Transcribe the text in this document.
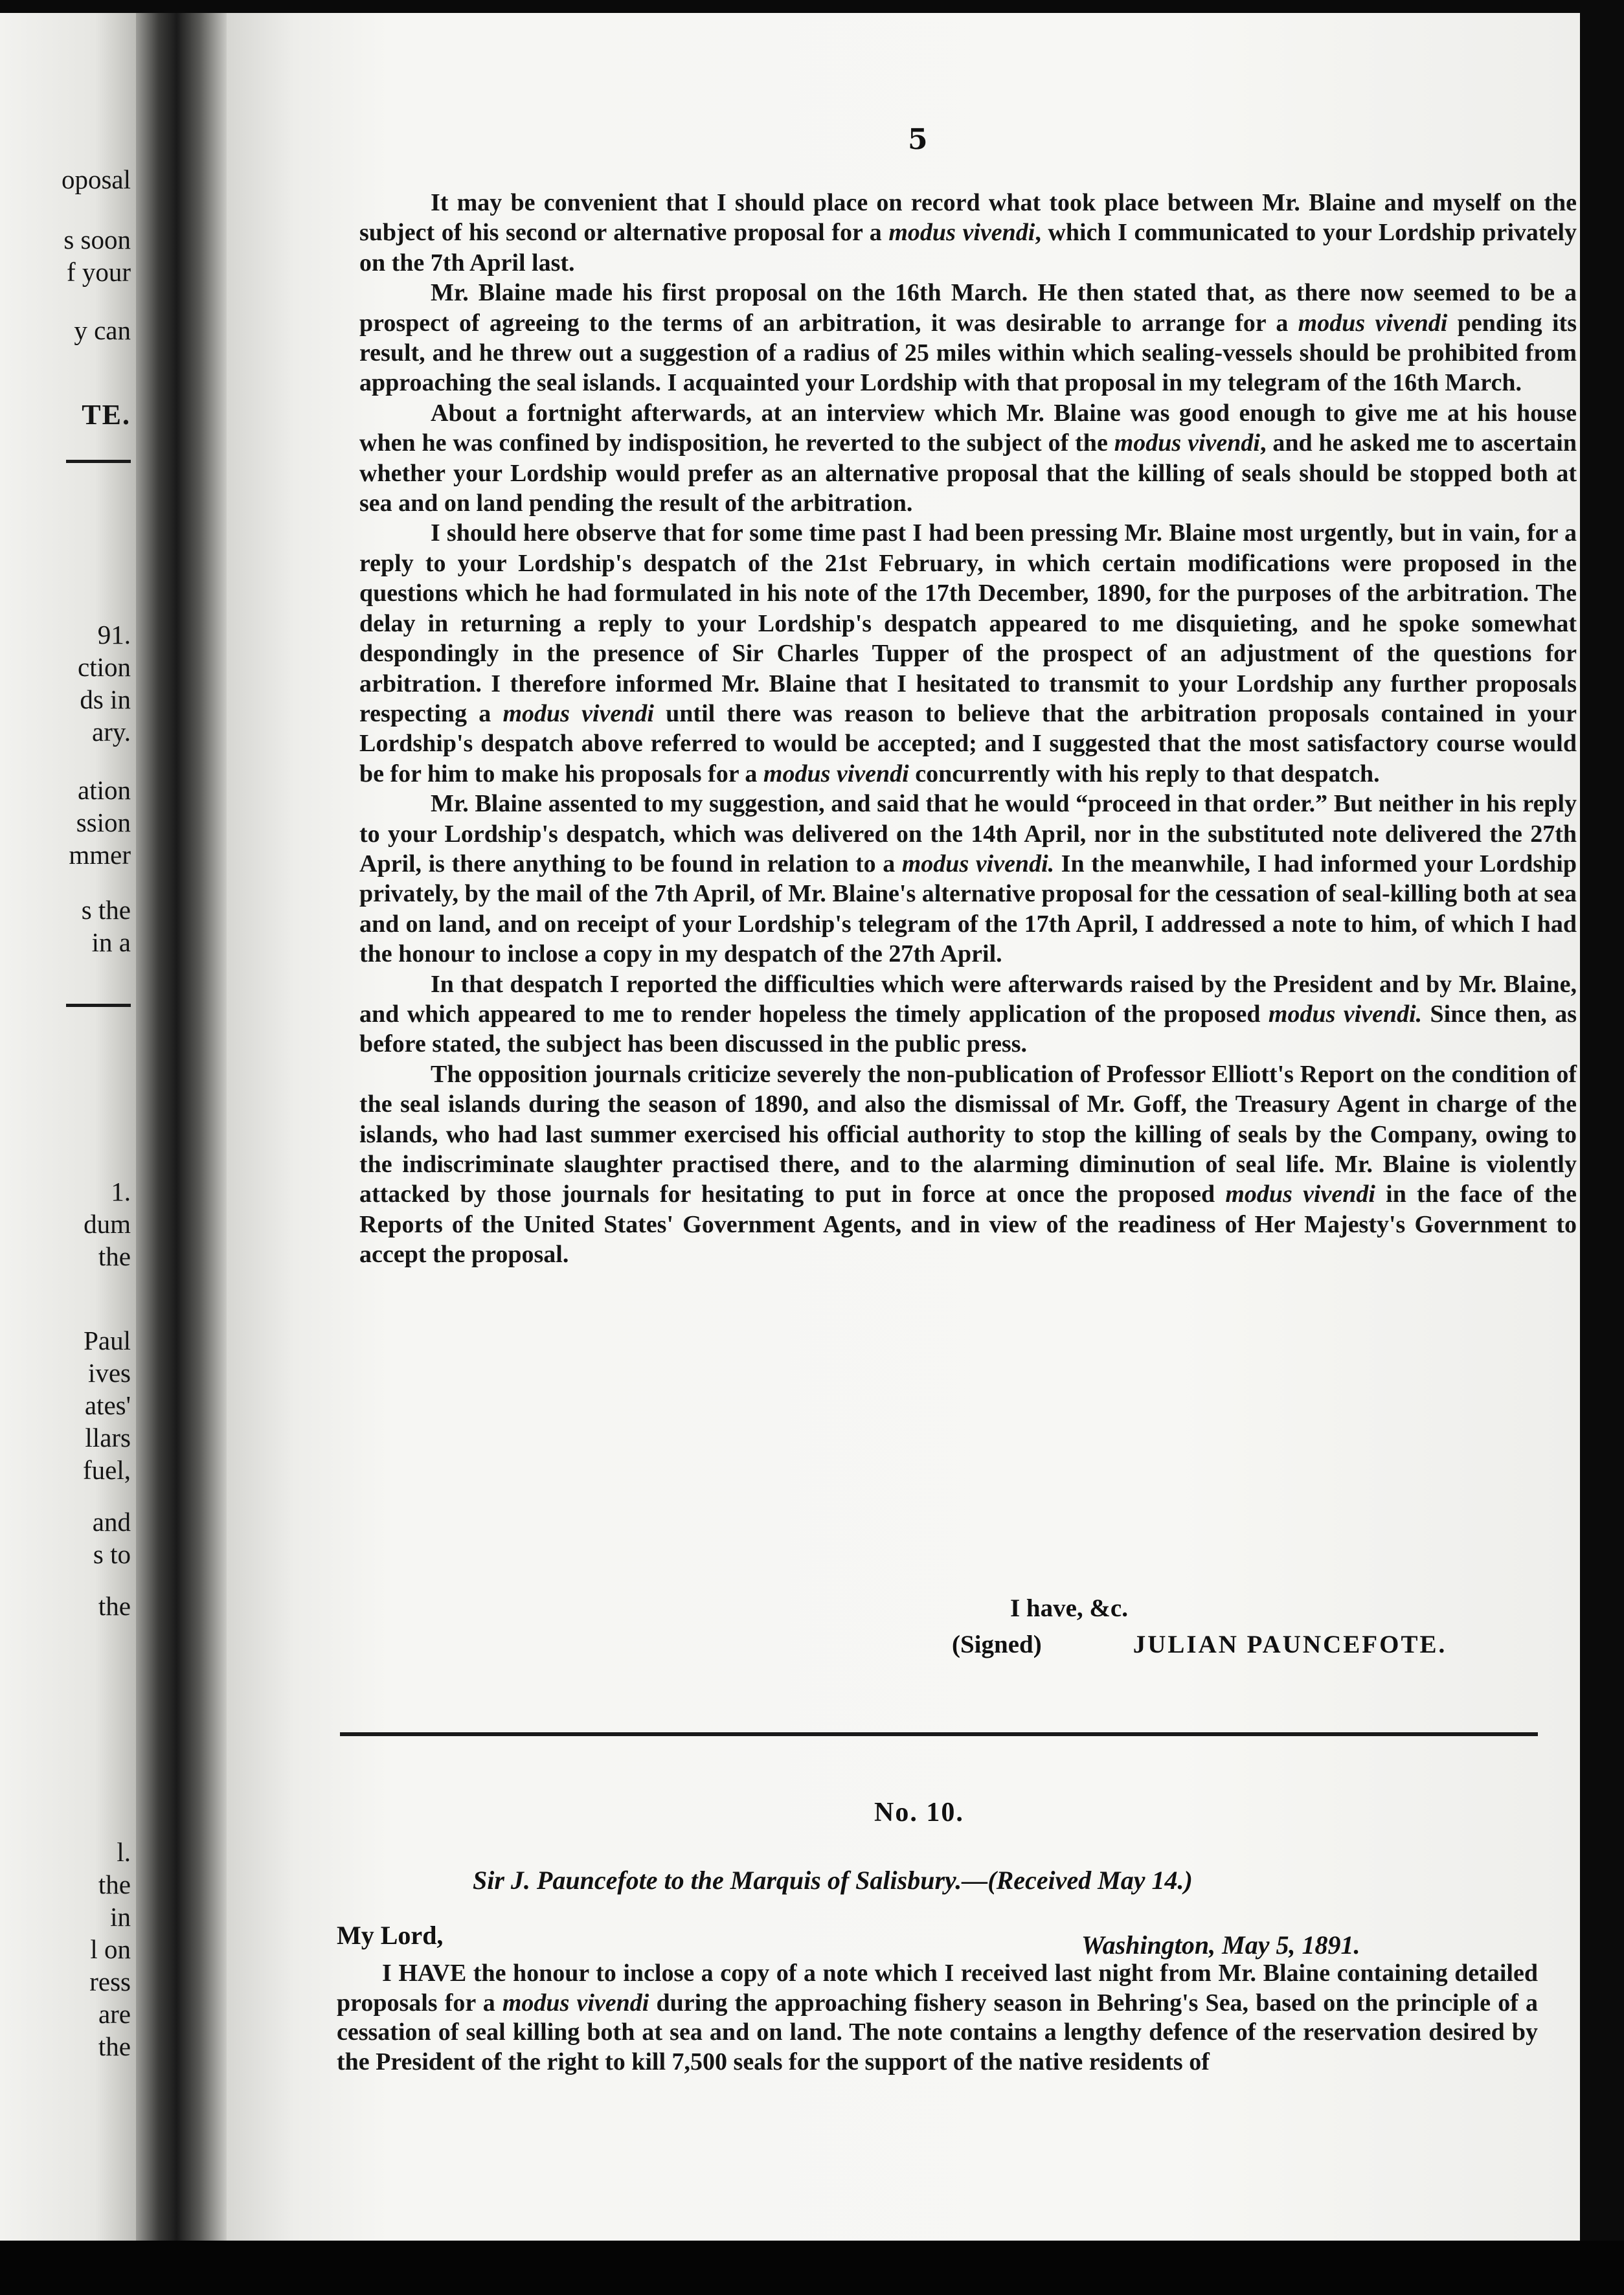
oposal
s soon
f your
y can
TE.
91.
ction
ds in
ary.
ation
ssion
mmer
s the
in a
1.
dum
the
Paul
ives
ates'
llars
fuel,
and
s to
the
l.
the
in
l on
ress
are
the
5

It may be convenient that I should place on record what took place between Mr. Blaine and myself on the subject of his second or alternative proposal for a modus vivendi, which I communicated to your Lordship privately on the 7th April last.

Mr. Blaine made his first proposal on the 16th March. He then stated that, as there now seemed to be a prospect of agreeing to the terms of an arbitration, it was desirable to arrange for a modus vivendi pending its result, and he threw out a suggestion of a radius of 25 miles within which sealing-vessels should be prohibited from approaching the seal islands. I acquainted your Lordship with that proposal in my telegram of the 16th March.

About a fortnight afterwards, at an interview which Mr. Blaine was good enough to give me at his house when he was confined by indisposition, he reverted to the subject of the modus vivendi, and he asked me to ascertain whether your Lordship would prefer as an alternative proposal that the killing of seals should be stopped both at sea and on land pending the result of the arbitration.

I should here observe that for some time past I had been pressing Mr. Blaine most urgently, but in vain, for a reply to your Lordship's despatch of the 21st February, in which certain modifications were proposed in the questions which he had formulated in his note of the 17th December, 1890, for the purposes of the arbitration. The delay in returning a reply to your Lordship's despatch appeared to me disquieting, and he spoke somewhat despondingly in the presence of Sir Charles Tupper of the prospect of an adjustment of the questions for arbitration. I therefore informed Mr. Blaine that I hesitated to transmit to your Lordship any further proposals respecting a modus vivendi until there was reason to believe that the arbitration proposals contained in your Lordship's despatch above referred to would be accepted; and I suggested that the most satisfactory course would be for him to make his proposals for a modus vivendi concurrently with his reply to that despatch.

Mr. Blaine assented to my suggestion, and said that he would “proceed in that order.” But neither in his reply to your Lordship's despatch, which was delivered on the 14th April, nor in the substituted note delivered the 27th April, is there anything to be found in relation to a modus vivendi. In the meanwhile, I had informed your Lordship privately, by the mail of the 7th April, of Mr. Blaine's alternative proposal for the cessation of seal-killing both at sea and on land, and on receipt of your Lordship's telegram of the 17th April, I addressed a note to him, of which I had the honour to inclose a copy in my despatch of the 27th April.

In that despatch I reported the difficulties which were afterwards raised by the President and by Mr. Blaine, and which appeared to me to render hopeless the timely application of the proposed modus vivendi. Since then, as before stated, the subject has been discussed in the public press.

The opposition journals criticize severely the non-publication of Professor Elliott's Report on the condition of the seal islands during the season of 1890, and also the dismissal of Mr. Goff, the Treasury Agent in charge of the islands, who had last summer exercised his official authority to stop the killing of seals by the Company, owing to the indiscriminate slaughter practised there, and to the alarming diminution of seal life. Mr. Blaine is violently attacked by those journals for hesitating to put in force at once the proposed modus vivendi in the face of the Reports of the United States' Government Agents, and in view of the readiness of Her Majesty's Government to accept the proposal.

I have, &c.
(Signed)	JULIAN PAUNCEFOTE.
No. 10.
Sir J. Pauncefote to the Marquis of Salisbury.—(Received May 14.)
My Lord,	Washington, May 5, 1891.

I HAVE the honour to inclose a copy of a note which I received last night from Mr. Blaine containing detailed proposals for a modus vivendi during the approaching fishery season in Behring's Sea, based on the principle of a cessation of seal killing both at sea and on land. The note contains a lengthy defence of the reservation desired by the President of the right to kill 7,500 seals for the support of the native residents of
